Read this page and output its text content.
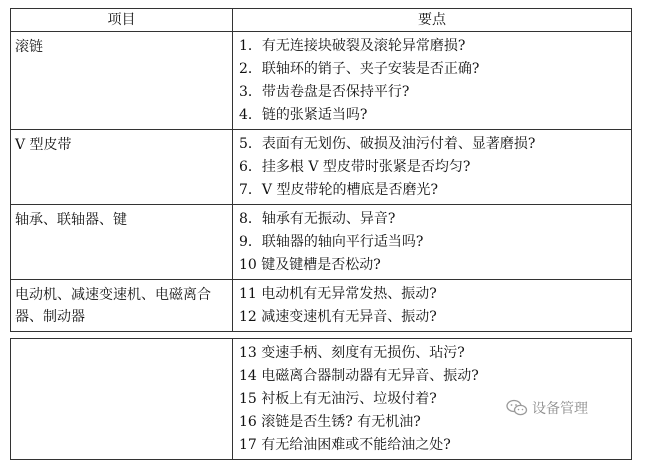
项目	要点

滚链	1．有无连接块破裂及滚轮异常磨损?
2．联轴环的销子、夹子安装是否正确?
3．带齿卷盘是否保持平行?
4．链的张紧适当吗?

V 型皮带	5．表面有无划伤、破损及油污付着、显著磨损?
6．挂多根 V 型皮带时张紧是否均匀?
7．V 型皮带轮的槽底是否磨光?

轴承、联轴器、键	8．轴承有无振动、异音?
9．联轴器的轴向平行适当吗?
10 键及键槽是否松动?

电动机、减速变速机、电磁离合器、制动器	11 电动机有无异常发热、振动?
12 减速变速机有无异音、振动?

13 变速手柄、刻度有无损伤、玷污?
14 电磁离合器制动器有无异音、振动?
15 衬板上有无油污、垃圾付着?
16 滚链是否生锈? 有无机油?
17 有无给油困难或不能给油之处?
设备管理
